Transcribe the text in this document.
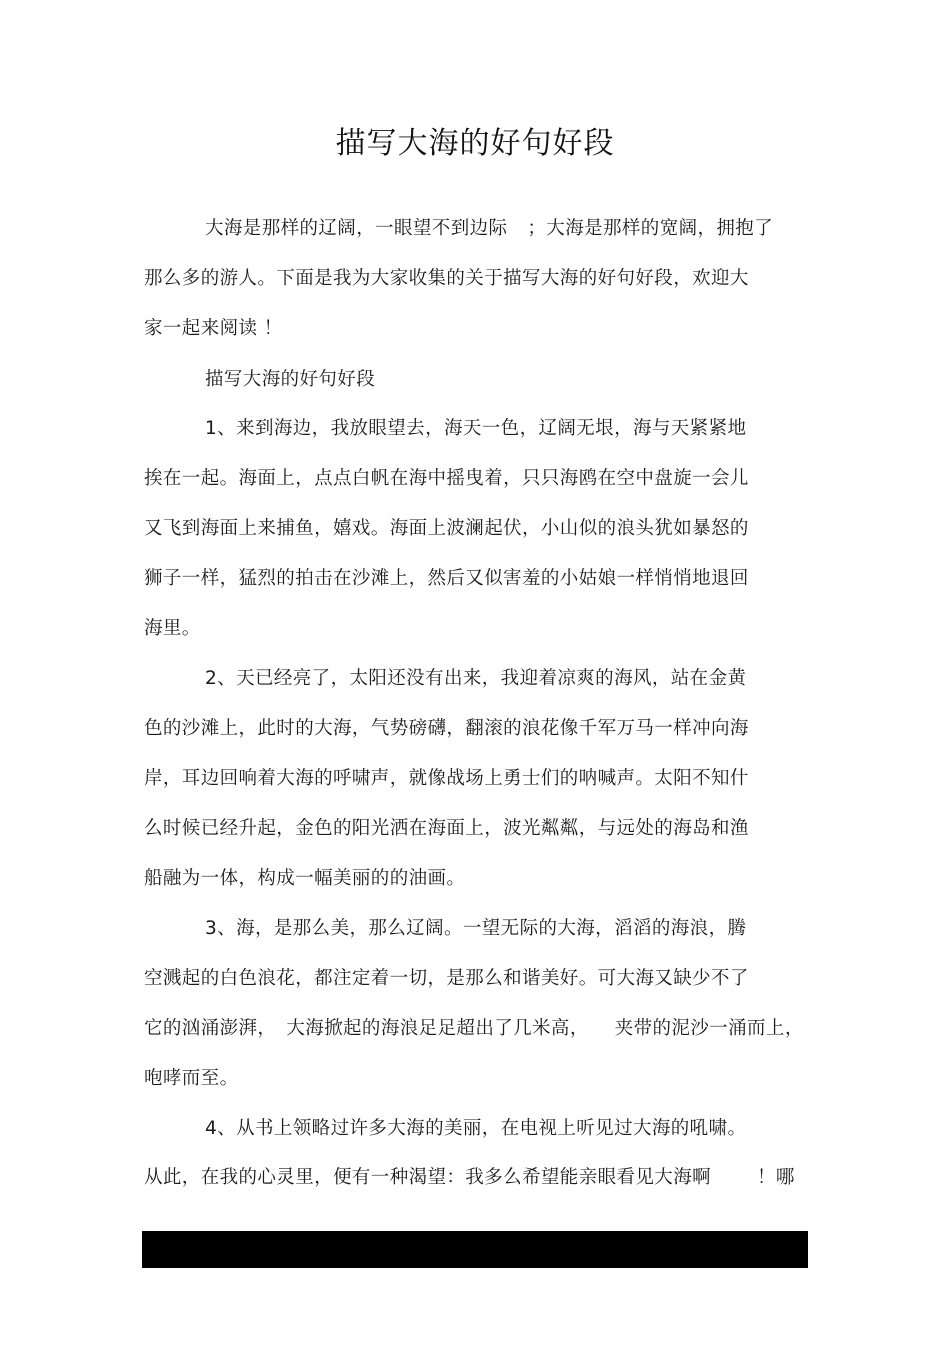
描写大海的好句好段
大海是那样的辽阔，一眼望不到边际 ；大海是那样的宽阔，拥抱了
那么多的游人。下面是我为大家收集的关于描写大海的好句好段，欢迎大
家一起来阅读 ！
描写大海的好句好段
1、来到海边，我放眼望去，海天一色，辽阔无垠，海与天紧紧地
挨在一起。海面上，点点白帆在海中摇曳着，只只海鸥在空中盘旋一会儿
又飞到海面上来捕鱼，嬉戏。海面上波澜起伏，小山似的浪头犹如暴怒的
狮子一样，猛烈的拍击在沙滩上，然后又似害羞的小姑娘一样悄悄地退回
海里。
2、天已经亮了，太阳还没有出来，我迎着凉爽的海风，站在金黄
色的沙滩上，此时的大海，气势磅礴，翻滚的浪花像千军万马一样冲向海
岸，耳边回响着大海的呼啸声，就像战场上勇士们的呐喊声。太阳不知什
么时候已经升起，金色的阳光洒在海面上，波光粼粼，与远处的海岛和渔
船融为一体，构成一幅美丽的的油画。
3、海，是那么美，那么辽阔。一望无际的大海，滔滔的海浪，腾
空溅起的白色浪花，都注定着一切，是那么和谐美好。可大海又缺少不了
它的汹涌澎湃， 大海掀起的海浪足足超出了几米高， 夹带的泥沙一涌而上，
咆哮而至。
4、从书上领略过许多大海的美丽，在电视上听见过大海的吼啸。
从此，在我的心灵里，便有一种渴望：我多么希望能亲眼看见大海啊 ！哪
